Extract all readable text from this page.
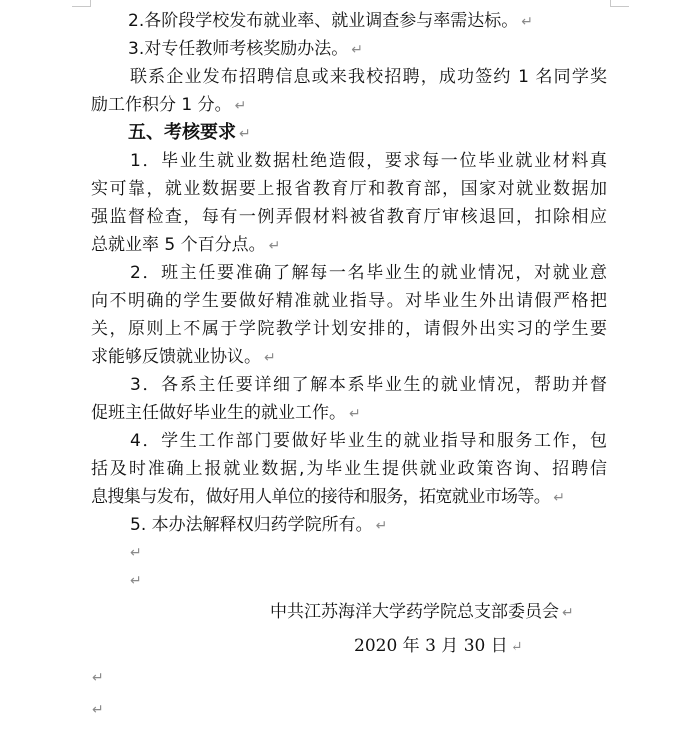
2.各阶段学校发布就业率、就业调查参与率需达标。 ↵
3.对专任教师考核奖励办法。 ↵
联系企业发布招聘信息或来我校招聘，成功签约 1 名同学奖
励工作积分 1 分。 ↵
五、考核要求 ↵
1．毕业生就业数据杜绝造假，要求每一位毕业就业材料真
实可靠，就业数据要上报省教育厅和教育部，国家对就业数据加
强监督检查，每有一例弄假材料被省教育厅审核退回，扣除相应
总就业率 5 个百分点。 ↵
2．班主任要准确了解每一名毕业生的就业情况，对就业意
向不明确的学生要做好精准就业指导。对毕业生外出请假严格把
关，原则上不属于学院教学计划安排的，请假外出实习的学生要
求能够反馈就业协议。 ↵
3．各系主任要详细了解本系毕业生的就业情况，帮助并督
促班主任做好毕业生的就业工作。 ↵
4．学生工作部门要做好毕业生的就业指导和服务工作，包
括及时准确上报就业数据,为毕业生提供就业政策咨询、招聘信
息搜集与发布，做好用人单位的接待和服务，拓宽就业市场等。 ↵
5. 本办法解释权归药学院所有。 ↵
↵
↵
中共江苏海洋大学药学院总支部委员会 ↵
2020 年 3 月 30 日 ↵
↵
↵
